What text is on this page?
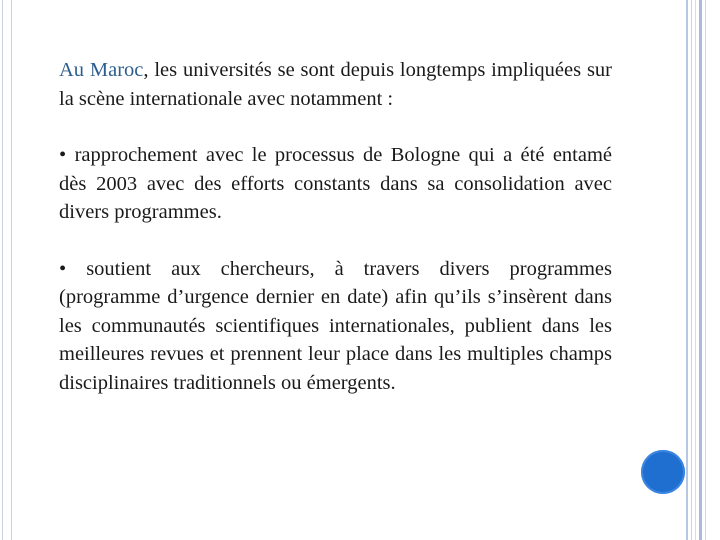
Au Maroc, les universités se sont depuis longtemps impliquées sur la scène internationale avec notamment :

• rapprochement avec le processus de Bologne qui a été entamé dès 2003 avec des efforts constants dans sa consolidation avec divers programmes.

• soutient aux chercheurs, à travers divers programmes (programme d’urgence dernier en date) afin qu’ils s’insèrent dans les communautés scientifiques internationales, publient dans les meilleures revues et prennent leur place dans les multiples champs disciplinaires traditionnels ou émergents.
